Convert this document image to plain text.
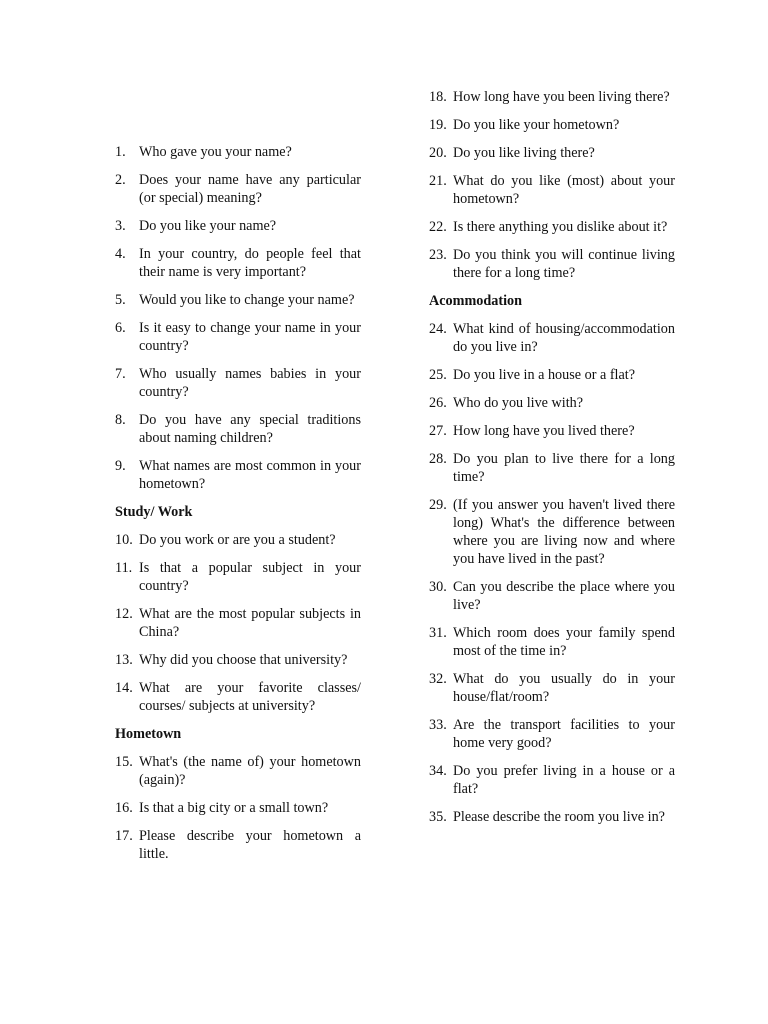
1. Who gave you your name?
2. Does your name have any particular (or special) meaning?
3. Do you like your name?
4. In your country, do people feel that their name is very important?
5. Would you like to change your name?
6. Is it easy to change your name in your country?
7. Who usually names babies in your country?
8. Do you have any special traditions about naming children?
9. What names are most common in your hometown?
Study/ Work
10. Do you work or are you a student?
11. Is that a popular subject in your country?
12. What are the most popular subjects in China?
13. Why did you choose that university?
14. What are your favorite classes/ courses/ subjects at university?
Hometown
15. What's (the name of) your hometown (again)?
16. Is that a big city or a small town?
17. Please describe your hometown a little.
18. How long have you been living there?
19. Do you like your hometown?
20. Do you like living there?
21. What do you like (most) about your hometown?
22. Is there anything you dislike about it?
23. Do you think you will continue living there for a long time?
Acommodation
24. What kind of housing/accommodation do you live in?
25. Do you live in a house or a flat?
26. Who do you live with?
27. How long have you lived there?
28. Do you plan to live there for a long time?
29. (If you answer you haven't lived there long) What's the difference between where you are living now and where you have lived in the past?
30. Can you describe the place where you live?
31. Which room does your family spend most of the time in?
32. What do you usually do in your house/flat/room?
33. Are the transport facilities to your home very good?
34. Do you prefer living in a house or a flat?
35. Please describe the room you live in?
